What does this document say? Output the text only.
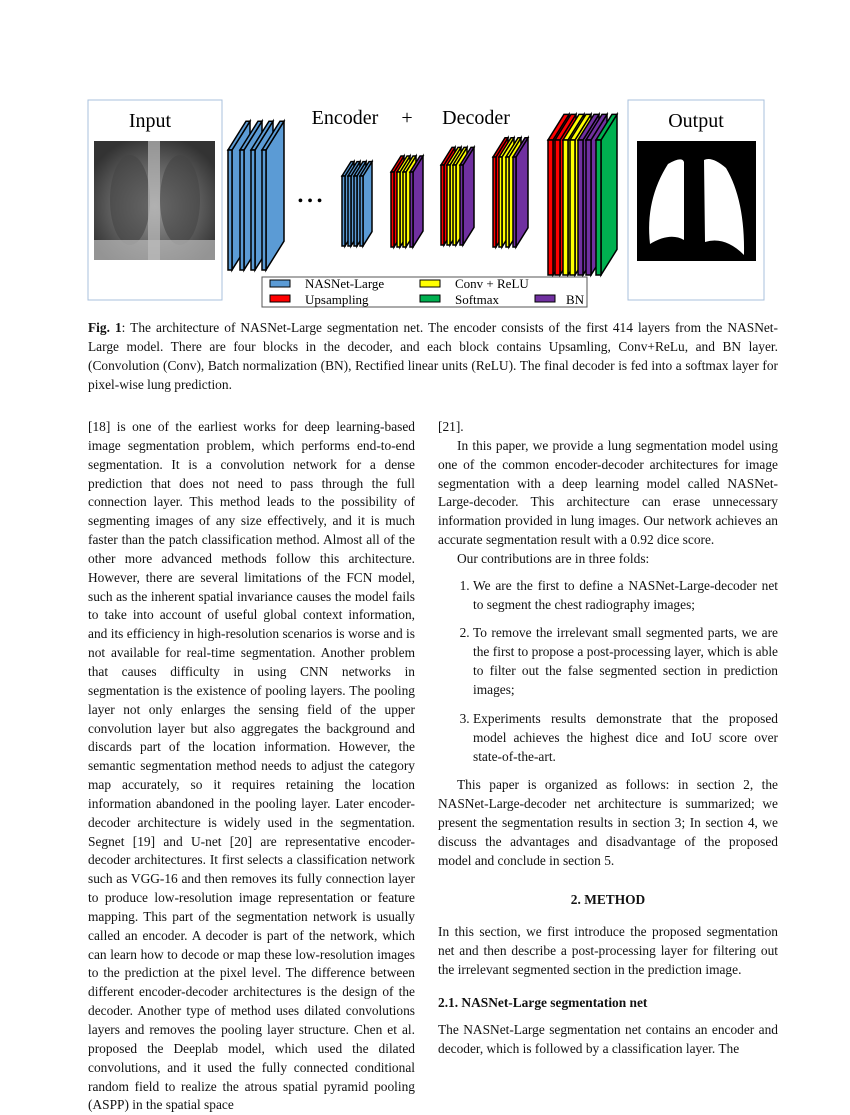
Input	Output
Encoder + Decoder
• • •
NASNet-Large	Conv + ReLU
Upsampling	Softmax	BN
Fig. 1: The architecture of NASNet-Large segmentation net. The encoder consists of the first 414 layers from the NASNet-Large model. There are four blocks in the decoder, and each block contains Upsamling, Conv+ReLu, and BN layer. (Convolution (Conv), Batch normalization (BN), Rectified linear units (ReLU). The final decoder is fed into a softmax layer for pixel-wise lung prediction.

[18] is one of the earliest works for deep learning-based image segmentation problem, which performs end-to-end segmentation. It is a convolution network for a dense prediction that does not need to pass through the full connection layer. This method leads to the possibility of segmenting images of any size effectively, and it is much faster than the patch classification method. Almost all of the other more advanced methods follow this architecture. However, there are several limitations of the FCN model, such as the inherent spatial invariance causes the model fails to take into account of useful global context information, and its efficiency in high-resolution scenarios is worse and is not available for real-time segmentation. Another problem that causes difficulty in using CNN networks in segmentation is the existence of pooling layers. The pooling layer not only enlarges the sensing field of the upper convolution layer but also aggregates the background and discards part of the location information. However, the semantic segmentation method needs to adjust the category map accurately, so it requires retaining the location information abandoned in the pooling layer. Later encoder-decoder architecture is widely used in the segmentation. Segnet [19] and U-net [20] are representative encoder-decoder architectures. It first selects a classification network such as VGG-16 and then removes its fully connection layer to produce low-resolution image representation or feature mapping. This part of the segmentation network is usually called an encoder. A decoder is part of the network, which can learn how to decode or map these low-resolution images to the prediction at the pixel level. The difference between different encoder-decoder architectures is the design of the decoder. Another type of method uses dilated convolutions layers and removes the pooling layer structure. Chen et al. proposed the Deeplab model, which used the dilated convolutions, and it used the fully connected conditional random field to realize the atrous spatial pyramid pooling (ASPP) in the spatial space

[21].

In this paper, we provide a lung segmentation model using one of the common encoder-decoder architectures for image segmentation with a deep learning model called NASNet-Large-decoder. This architecture can erase unnecessary information provided in lung images. Our network achieves an accurate segmentation result with a 0.92 dice score.

Our contributions are in three folds:

1. We are the first to define a NASNet-Large-decoder net to segment the chest radiography images;
2. To remove the irrelevant small segmented parts, we are the first to propose a post-processing layer, which is able to filter out the false segmented section in prediction images;
3. Experiments results demonstrate that the proposed model achieves the highest dice and IoU score over state-of-the-art.

This paper is organized as follows: in section 2, the NASNet-Large-decoder net architecture is summarized; we present the segmentation results in section 3; In section 4, we discuss the advantages and disadvantage of the proposed model and conclude in section 5.

2. METHOD

In this section, we first introduce the proposed segmentation net and then describe a post-processing layer for filtering out the irrelevant segmented section in the prediction image.

2.1. NASNet-Large segmentation net

The NASNet-Large segmentation net contains an encoder and decoder, which is followed by a classification layer. The
